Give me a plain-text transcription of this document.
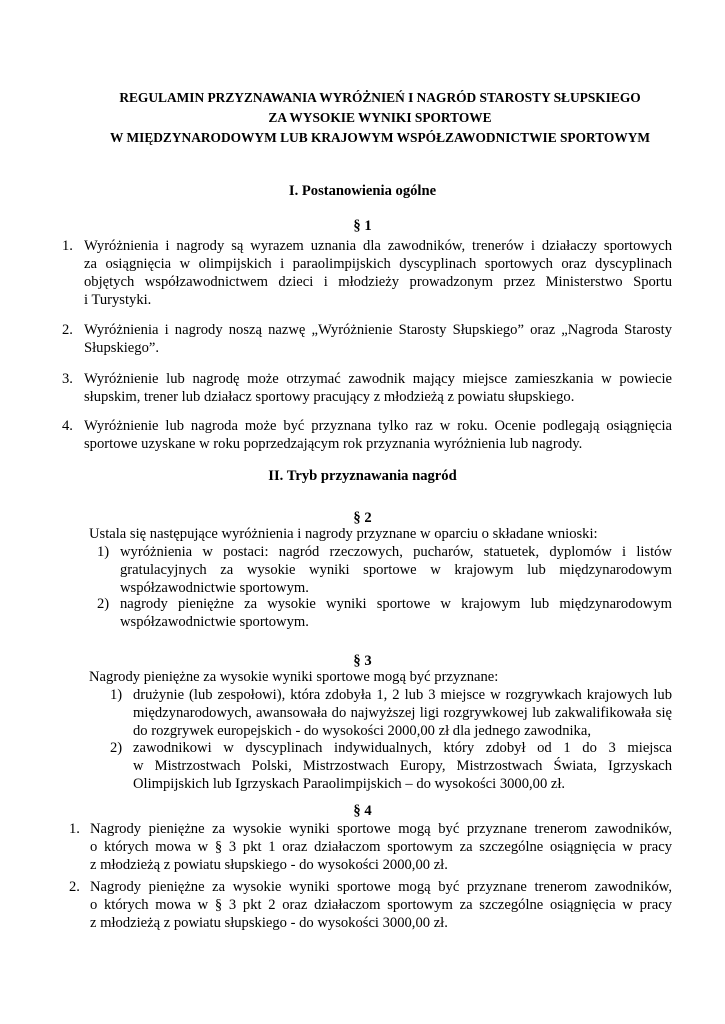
REGULAMIN PRZYZNAWANIA WYRÓŻNIEŃ I NAGRÓD STAROSTY SŁUPSKIEGO
ZA WYSOKIE WYNIKI SPORTOWE
W MIĘDZYNARODOWYM LUB KRAJOWYM WSPÓŁZAWODNICTWIE SPORTOWYM
I. Postanowienia ogólne
§ 1
1. Wyróżnienia i nagrody są wyrazem uznania dla zawodników, trenerów i działaczy sportowych
za osiągnięcia w olimpijskich i paraolimpijskich dyscyplinach sportowych oraz dyscyplinach
objętych współzawodnictwem dzieci i młodzieży prowadzonym przez Ministerstwo Sportu
i Turystyki.
2. Wyróżnienia i nagrody noszą nazwę „Wyróżnienie Starosty Słupskiego” oraz „Nagroda Starosty
Słupskiego”.
3. Wyróżnienie lub nagrodę może otrzymać zawodnik mający miejsce zamieszkania w powiecie
słupskim, trener lub działacz sportowy pracujący z młodzieżą z powiatu słupskiego.
4. Wyróżnienie lub nagroda może być przyznana tylko raz w roku. Ocenie podlegają osiągnięcia
sportowe uzyskane w roku poprzedzającym rok przyznania wyróżnienia lub nagrody.
II. Tryb przyznawania nagród
§ 2
Ustala się następujące wyróżnienia i nagrody przyznane w oparciu o składane wnioski:
1) wyróżnienia w postaci: nagród rzeczowych, pucharów, statuetek, dyplomów i listów
gratulacyjnych za wysokie wyniki sportowe w krajowym lub międzynarodowym
współzawodnictwie sportowym.
2) nagrody pieniężne za wysokie wyniki sportowe w krajowym lub międzynarodowym
współzawodnictwie sportowym.
§ 3
Nagrody pieniężne za wysokie wyniki sportowe mogą być przyznane:
1) drużynie (lub zespołowi), która zdobyła 1, 2 lub 3 miejsce w rozgrywkach krajowych lub
międzynarodowych, awansowała do najwyższej ligi rozgrywkowej lub zakwalifikowała się
do rozgrywek europejskich - do wysokości 2000,00 zł dla jednego zawodnika,
2) zawodnikowi w dyscyplinach indywidualnych, który zdobył od 1 do 3 miejsca
w Mistrzostwach Polski, Mistrzostwach Europy, Mistrzostwach Świata, Igrzyskach
Olimpijskich lub Igrzyskach Paraolimpijskich – do wysokości 3000,00 zł.
§ 4
1. Nagrody pieniężne za wysokie wyniki sportowe mogą być przyznane trenerom zawodników,
o których mowa w § 3 pkt 1 oraz działaczom sportowym za szczególne osiągnięcia w pracy
z młodzieżą z powiatu słupskiego - do wysokości 2000,00 zł.
2. Nagrody pieniężne za wysokie wyniki sportowe mogą być przyznane trenerom zawodników,
o których mowa w § 3 pkt 2 oraz działaczom sportowym za szczególne osiągnięcia w pracy
z młodzieżą z powiatu słupskiego - do wysokości 3000,00 zł.
